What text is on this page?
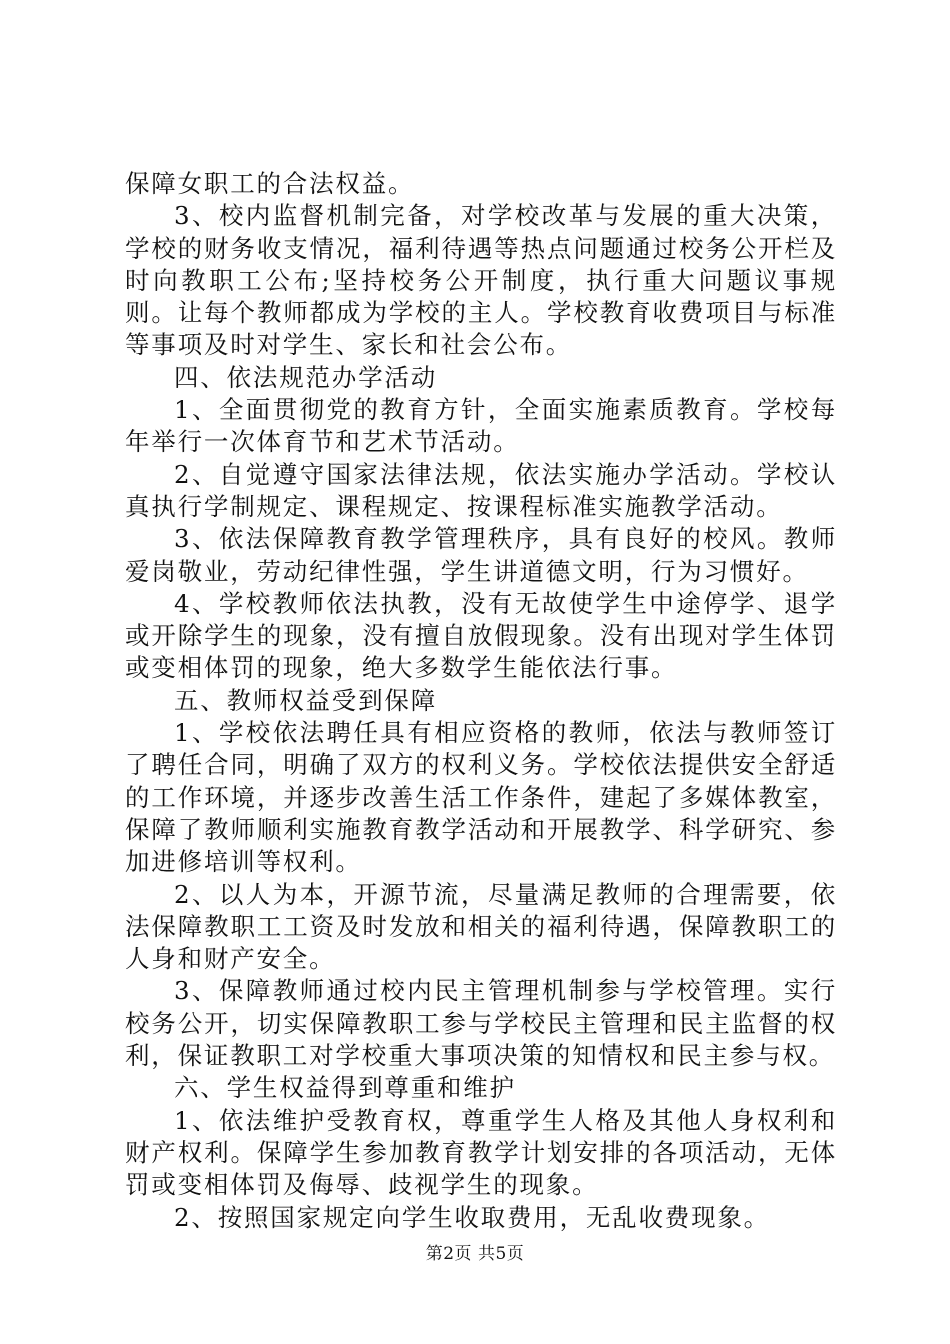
保障女职工的合法权益。

3、校内监督机制完备，对学校改革与发展的重大决策，学校的财务收支情况，福利待遇等热点问题通过校务公开栏及时向教职工公布;坚持校务公开制度，执行重大问题议事规则。让每个教师都成为学校的主人。学校教育收费项目与标准等事项及时对学生、家长和社会公布。

四、依法规范办学活动

1、全面贯彻党的教育方针，全面实施素质教育。学校每年举行一次体育节和艺术节活动。

2、自觉遵守国家法律法规，依法实施办学活动。学校认真执行学制规定、课程规定、按课程标准实施教学活动。

3、依法保障教育教学管理秩序，具有良好的校风。教师爱岗敬业，劳动纪律性强，学生讲道德文明，行为习惯好。

4、学校教师依法执教，没有无故使学生中途停学、退学或开除学生的现象，没有擅自放假现象。没有出现对学生体罚或变相体罚的现象，绝大多数学生能依法行事。

五、教师权益受到保障

1、学校依法聘任具有相应资格的教师，依法与教师签订了聘任合同，明确了双方的权利义务。学校依法提供安全舒适的工作环境，并逐步改善生活工作条件，建起了多媒体教室，保障了教师顺利实施教育教学活动和开展教学、科学研究、参加进修培训等权利。

2、以人为本，开源节流，尽量满足教师的合理需要，依法保障教职工工资及时发放和相关的福利待遇，保障教职工的人身和财产安全。

3、保障教师通过校内民主管理机制参与学校管理。实行校务公开，切实保障教职工参与学校民主管理和民主监督的权利，保证教职工对学校重大事项决策的知情权和民主参与权。

六、学生权益得到尊重和维护

1、依法维护受教育权，尊重学生人格及其他人身权利和财产权利。保障学生参加教育教学计划安排的各项活动，无体罚或变相体罚及侮辱、歧视学生的现象。

2、按照国家规定向学生收取费用，无乱收费现象。

第2页 共5页
